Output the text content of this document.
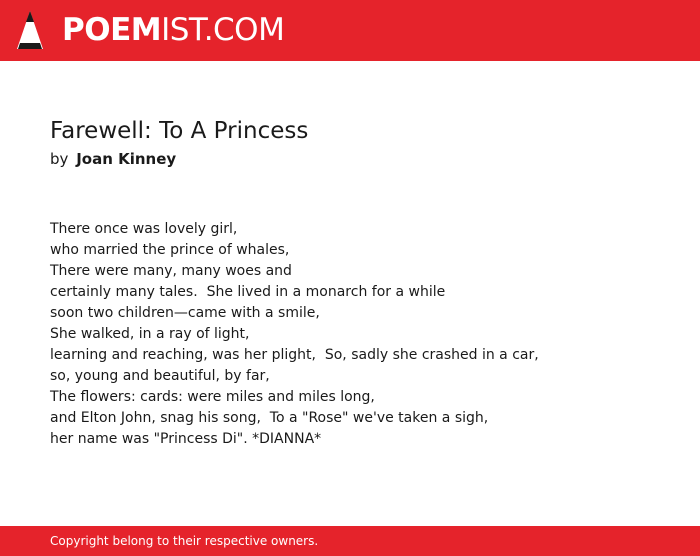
POEMIST.COM
Farewell: To A Princess
by Joan Kinney
There once was lovely girl,
who married the prince of whales,
There were many, many woes and
certainly many tales.  She lived in a monarch for a while
soon two children—came with a smile,
She walked, in a ray of light,
learning and reaching, was her plight,  So, sadly she crashed in a car,
so, young and beautiful, by far,
The flowers: cards: were miles and miles long,
and Elton John, snag his song,  To a "Rose" we've taken a sigh,
her name was "Princess Di". *DIANNA*
Copyright belong to their respective owners.
